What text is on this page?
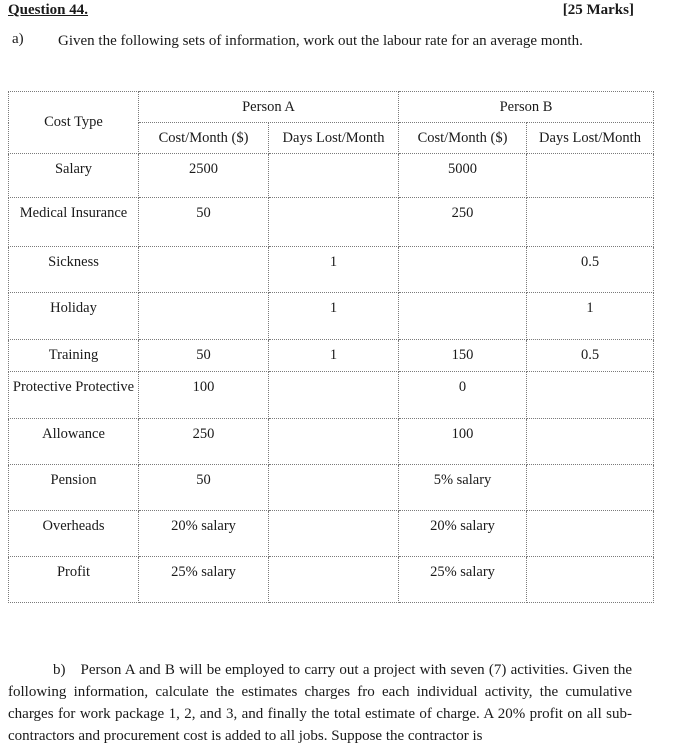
Question 44.	[25 Marks]
a) Given the following sets of information, work out the labour rate for an average month.
Cost Type	Person A		Person B	
	Cost/Month ($)	Days Lost/Month	Cost/Month ($)	Days Lost/Month
Salary	2500		5000	
Medical Insurance	50		250	
Sickness		1		0.5
Holiday		1		1
Training	50	1	150	0.5
Protective Protective	100		0	
Allowance	250		100	
Pension	50		5% salary	
Overheads	20% salary		20% salary	
Profit	25% salary		25% salary	
b)  Person A and B will be employed to carry out a project with seven (7) activities. Given the following information, calculate the estimates charges fro each individual activity, the cumulative charges for work package 1, 2, and 3, and finally the total estimate of charge. A 20% profit on all sub-contractors and procurement cost is added to all jobs. Suppose the contractor is
